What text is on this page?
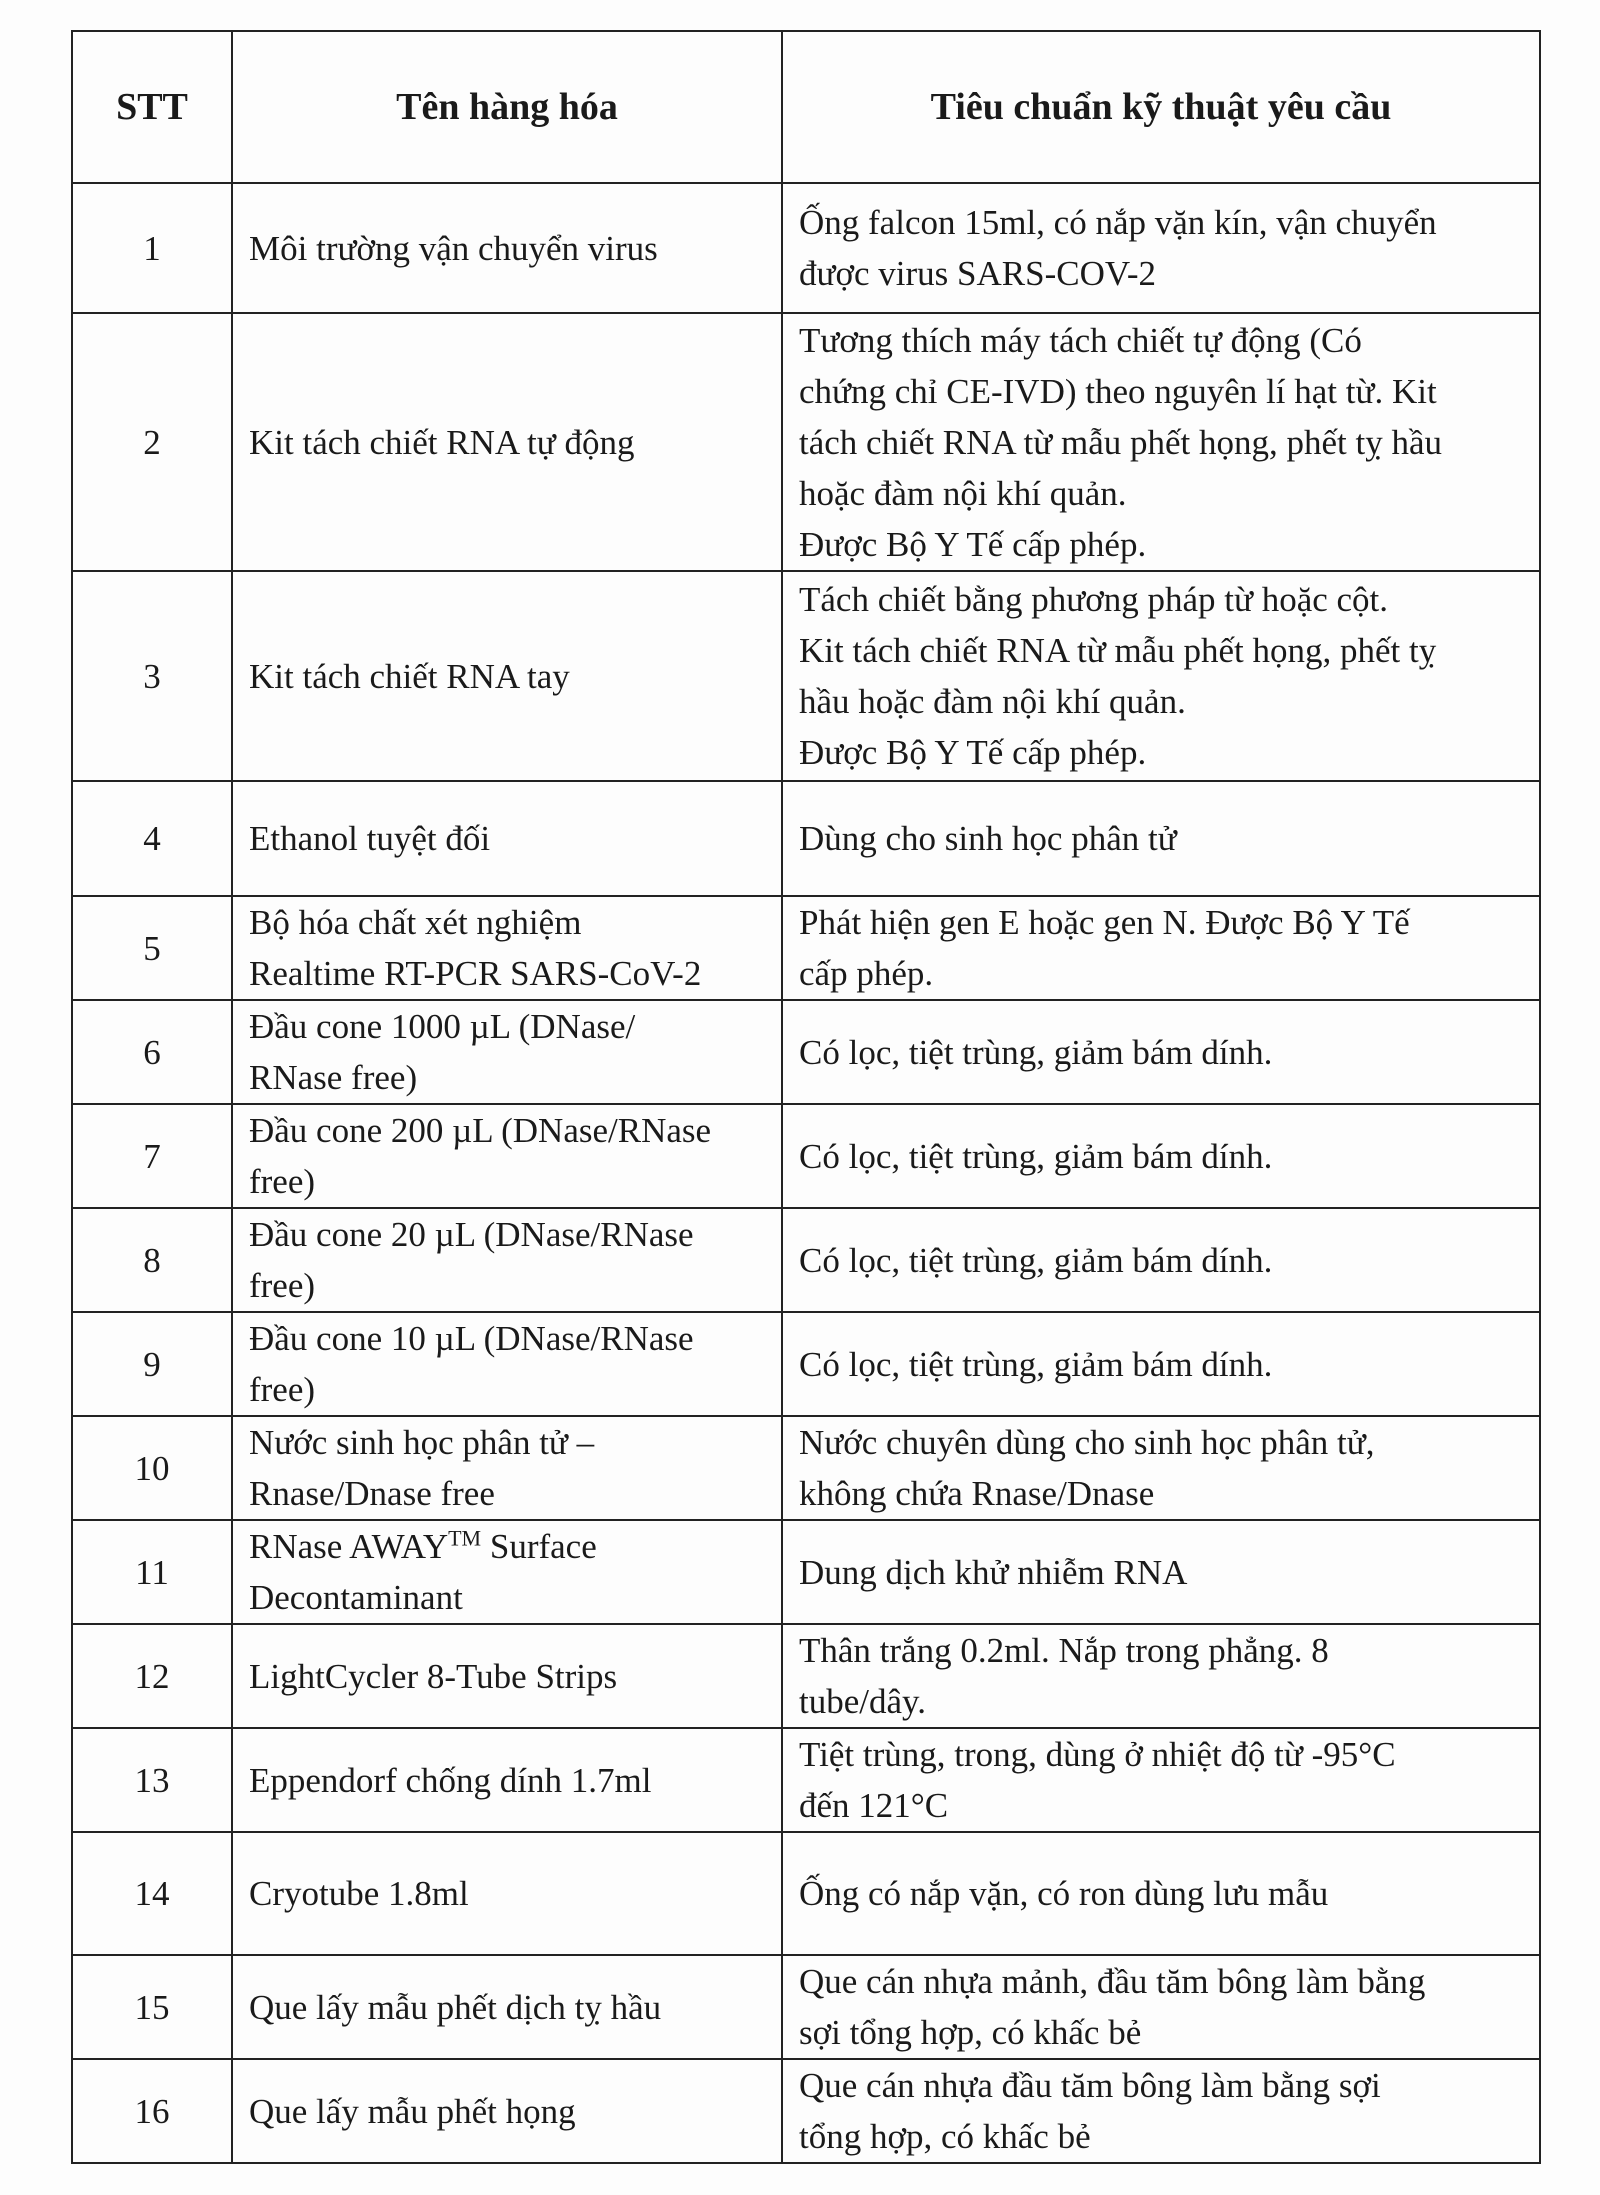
STT	Tên hàng hóa	Tiêu chuẩn kỹ thuật yêu cầu
1	Môi trường vận chuyển virus	Ống falcon 15ml, có nắp vặn kín, vận chuyển
được virus SARS-COV-2

2	Kit tách chiết RNA tự động	Tương thích máy tách chiết tự động (Có
chứng chỉ CE-IVD) theo nguyên lí hạt từ. Kit
tách chiết RNA từ mẫu phết họng, phết tỵ hầu
hoặc đàm nội khí quản.
Được Bộ Y Tế cấp phép.

3	Kit tách chiết RNA tay	Tách chiết bằng phương pháp từ hoặc cột.
Kit tách chiết RNA từ mẫu phết họng, phết tỵ
hầu hoặc đàm nội khí quản.
Được Bộ Y Tế cấp phép.

4	Ethanol tuyệt đối	Dùng cho sinh học phân tử

5	Bộ hóa chất xét nghiệm
Realtime RT-PCR SARS-CoV-2	Phát hiện gen E hoặc gen N. Được Bộ Y Tế
cấp phép.

6	Đầu cone 1000 µL (DNase/
RNase free)	Có lọc, tiệt trùng, giảm bám dính.

7	Đầu cone 200 µL (DNase/RNase
free)	Có lọc, tiệt trùng, giảm bám dính.

8	Đầu cone 20 µL (DNase/RNase
free)	Có lọc, tiệt trùng, giảm bám dính.

9	Đầu cone 10 µL (DNase/RNase
free)	Có lọc, tiệt trùng, giảm bám dính.

10	Nước sinh học phân tử –
Rnase/Dnase free	Nước chuyên dùng cho sinh học phân tử,
không chứa Rnase/Dnase

11	RNase AWAY™ Surface
Decontaminant	Dung dịch khử nhiễm RNA

12	LightCycler 8-Tube Strips	Thân trắng 0.2ml. Nắp trong phẳng. 8
tube/dây.

13	Eppendorf chống dính 1.7ml	Tiệt trùng, trong, dùng ở nhiệt độ từ -95°C
đến 121°C

14	Cryotube 1.8ml	Ống có nắp vặn, có ron dùng lưu mẫu

15	Que lấy mẫu phết dịch tỵ hầu	Que cán nhựa mảnh, đầu tăm bông làm bằng
sợi tổng hợp, có khấc bẻ

16	Que lấy mẫu phết họng	Que cán nhựa đầu tăm bông làm bằng sợi
tổng hợp, có khấc bẻ
